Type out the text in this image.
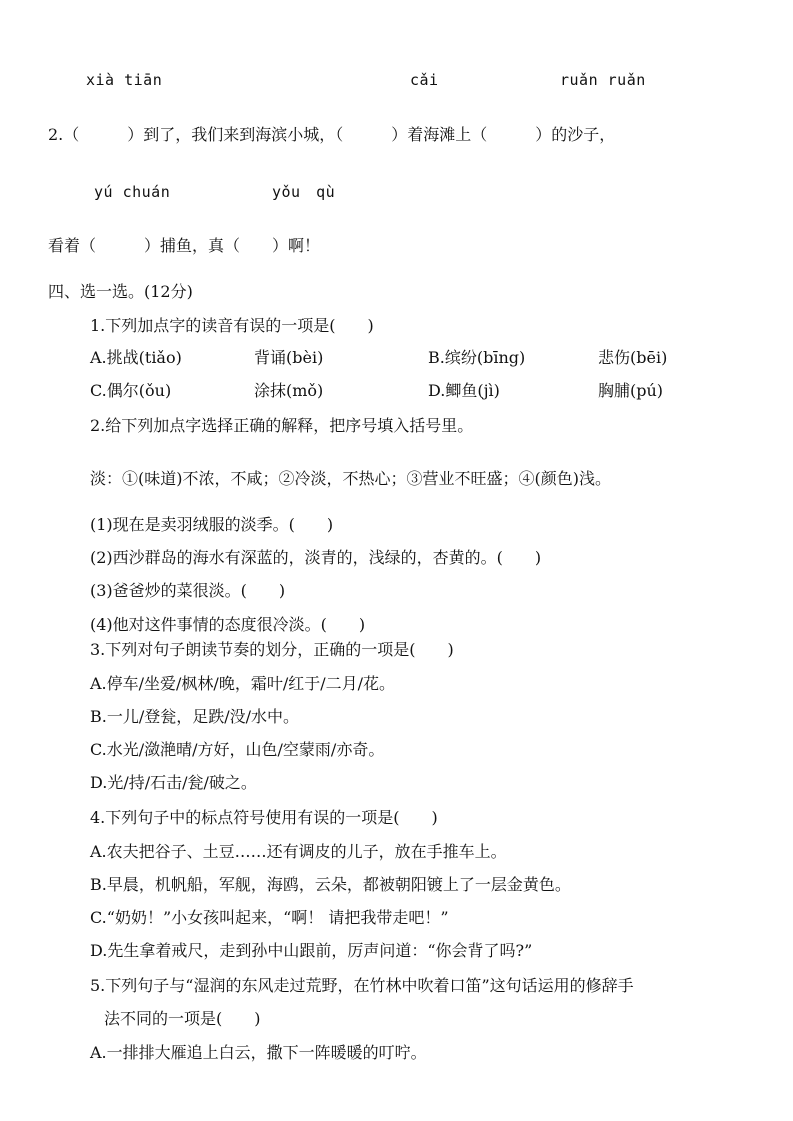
xià tiān	cǎi	ruǎn ruǎn
2.（　　　）到了，我们来到海滨小城，（　　　）着海滩上（　　　）的沙子，
yú chuán	yǒu　qù
看着（　　　）捕鱼，真（　　）啊！
四、选一选。(12分)
1.下列加点字的读音有误的一项是(　　)
A.挑战(tiǎo)	背诵(bèi)	B.缤纷(bīng)	悲伤(bēi)
C.偶尔(ǒu)	涂抹(mǒ)	D.鲫鱼(jì)	胸脯(pú)
2.给下列加点字选择正确的解释，把序号填入括号里。
淡：①(味道)不浓，不咸；②冷淡，不热心；③营业不旺盛；④(颜色)浅。
(1)现在是卖羽绒服的淡季。(　　)
(2)西沙群岛的海水有深蓝的，淡青的，浅绿的，杏黄的。(　　)
(3)爸爸炒的菜很淡。(　　)
(4)他对这件事情的态度很冷淡。(　　)
3.下列对句子朗读节奏的划分，正确的一项是(　　)
A.停车/坐爱/枫林/晚，霜叶/红于/二月/花。
B.一儿/登瓮，足跌/没/水中。
C.水光/潋滟晴/方好，山色/空蒙雨/亦奇。
D.光/持/石击/瓮/破之。
4.下列句子中的标点符号使用有误的一项是(　　)
A.农夫把谷子、土豆……还有调皮的儿子，放在手推车上。
B.早晨，机帆船，军舰，海鸥，云朵，都被朝阳镀上了一层金黄色。
C.“奶奶！”小女孩叫起来，“啊！ 请把我带走吧！”
D.先生拿着戒尺，走到孙中山跟前，厉声问道：“你会背了吗?”
5.下列句子与“湿润的东风走过荒野，在竹林中吹着口笛”这句话运用的修辞手
法不同的一项是(　　)
A.一排排大雁追上白云，撒下一阵暖暖的叮咛。
